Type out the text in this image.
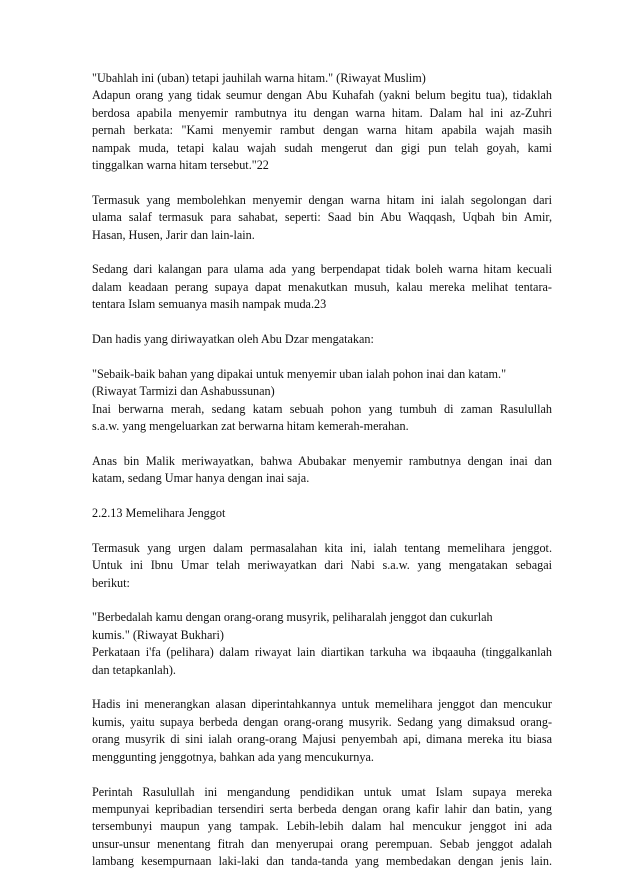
"Ubahlah ini (uban) tetapi jauhilah warna hitam." (Riwayat Muslim)
Adapun orang yang tidak seumur dengan Abu Kuhafah (yakni belum begitu tua), tidaklah
berdosa apabila menyemir rambutnya itu dengan warna hitam. Dalam hal ini az-Zuhri
pernah berkata: "Kami menyemir rambut dengan warna hitam apabila wajah masih
nampak muda, tetapi kalau wajah sudah mengerut dan gigi pun telah goyah, kami
tinggalkan warna hitam tersebut."22
Termasuk yang membolehkan menyemir dengan warna hitam ini ialah segolongan dari
ulama salaf termasuk para sahabat, seperti: Saad bin Abu Waqqash, Uqbah bin Amir,
Hasan, Husen, Jarir dan lain-lain.
Sedang dari kalangan para ulama ada yang berpendapat tidak boleh warna hitam kecuali
dalam keadaan perang supaya dapat menakutkan musuh, kalau mereka melihat tentara-
tentara Islam semuanya masih nampak muda.23
Dan hadis yang diriwayatkan oleh Abu Dzar mengatakan:
"Sebaik-baik bahan yang dipakai untuk menyemir uban ialah pohon inai dan katam."
(Riwayat Tarmizi dan Ashabussunan)
Inai berwarna merah, sedang katam sebuah pohon yang tumbuh di zaman Rasulullah
s.a.w. yang mengeluarkan zat berwarna hitam kemerah-merahan.
Anas bin Malik meriwayatkan, bahwa Abubakar menyemir rambutnya dengan inai dan
katam, sedang Umar hanya dengan inai saja.
2.2.13 Memelihara Jenggot
Termasuk yang urgen dalam permasalahan kita ini, ialah tentang memelihara jenggot.
Untuk ini Ibnu Umar telah meriwayatkan dari Nabi s.a.w. yang mengatakan sebagai
berikut:
"Berbedalah kamu dengan orang-orang musyrik, peliharalah jenggot dan cukurlah
kumis." (Riwayat Bukhari)
Perkataan i'fa (pelihara) dalam riwayat lain diartikan tarkuha wa ibqaauha (tinggalkanlah
dan tetapkanlah).
Hadis ini menerangkan alasan diperintahkannya untuk memelihara jenggot dan mencukur
kumis, yaitu supaya berbeda dengan orang-orang musyrik. Sedang yang dimaksud orang-
orang musyrik di sini ialah orang-orang Majusi penyembah api, dimana mereka itu biasa
menggunting jenggotnya, bahkan ada yang mencukurnya.
Perintah Rasulullah ini mengandung pendidikan untuk umat Islam supaya mereka
mempunyai kepribadian tersendiri serta berbeda dengan orang kafir lahir dan batin, yang
tersembunyi maupun yang tampak. Lebih-lebih dalam hal mencukur jenggot ini ada
unsur-unsur menentang fitrah dan menyerupai orang perempuan. Sebab jenggot adalah
lambang kesempurnaan laki-laki dan tanda-tanda yang membedakan dengan jenis lain.
